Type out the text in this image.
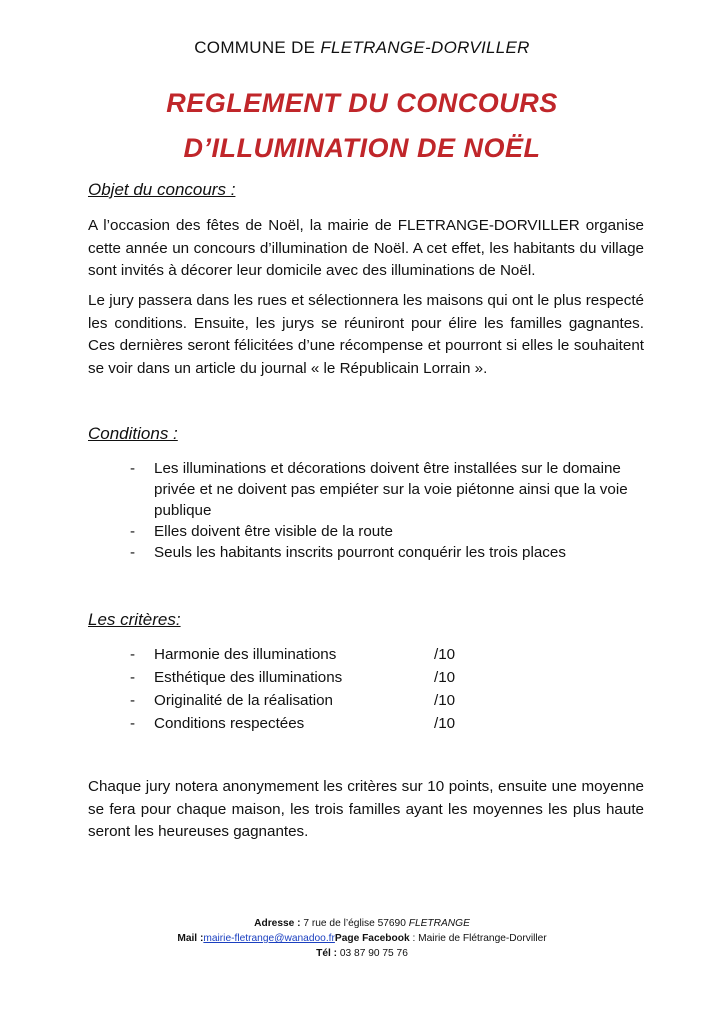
COMMUNE DE FLETRANGE-DORVILLER
REGLEMENT DU CONCOURS
D’ILLUMINATION DE NOËL
Objet du concours :
A l’occasion des fêtes de Noël, la mairie de FLETRANGE-DORVILLER organise cette année un concours d’illumination de Noël. A cet effet, les habitants du village sont invités à décorer leur domicile avec des illuminations de Noël.
Le jury passera dans les rues et sélectionnera les maisons qui ont le plus respecté les conditions. Ensuite, les jurys se réuniront pour élire les familles gagnantes. Ces dernières seront félicitées d’une récompense et pourront si elles le souhaitent se voir dans un article du journal « le Républicain Lorrain ».
Conditions :
- Les illuminations et décorations doivent être installées sur le domaine privée et ne doivent pas empiéter sur la voie piétonne ainsi que la voie publique
- Elles doivent être visible de la route
- Seuls les habitants inscrits pourront conquérir les trois places
Les critères:
- Harmonie des illuminations	/10
- Esthétique des illuminations	/10
- Originalité de la réalisation	/10
- Conditions respectées	/10
Chaque jury notera anonymement les critères sur 10 points, ensuite une moyenne se fera pour chaque maison, les trois familles ayant les moyennes les plus haute seront les heureuses gagnantes.
Adresse : 7 rue de l’église 57690 FLETRANGE
Mail :mairie-fletrange@wanadoo.frPage Facebook : Mairie de Flétrange-Dorviller
Tél : 03 87 90 75 76
